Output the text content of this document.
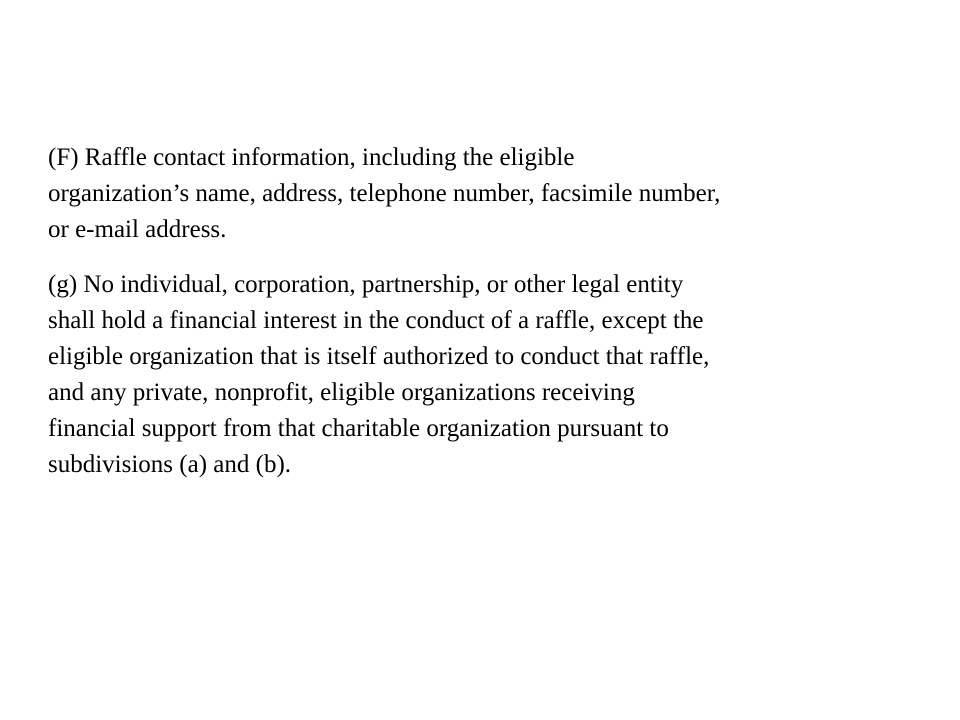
(F) Raffle contact information, including the eligible
organization’s name, address, telephone number, facsimile number,
or e-mail address.

(g) No individual, corporation, partnership, or other legal entity
shall hold a financial interest in the conduct of a raffle, except the
eligible organization that is itself authorized to conduct that raffle,
and any private, nonprofit, eligible organizations receiving
financial support from that charitable organization pursuant to
subdivisions (a) and (b).
